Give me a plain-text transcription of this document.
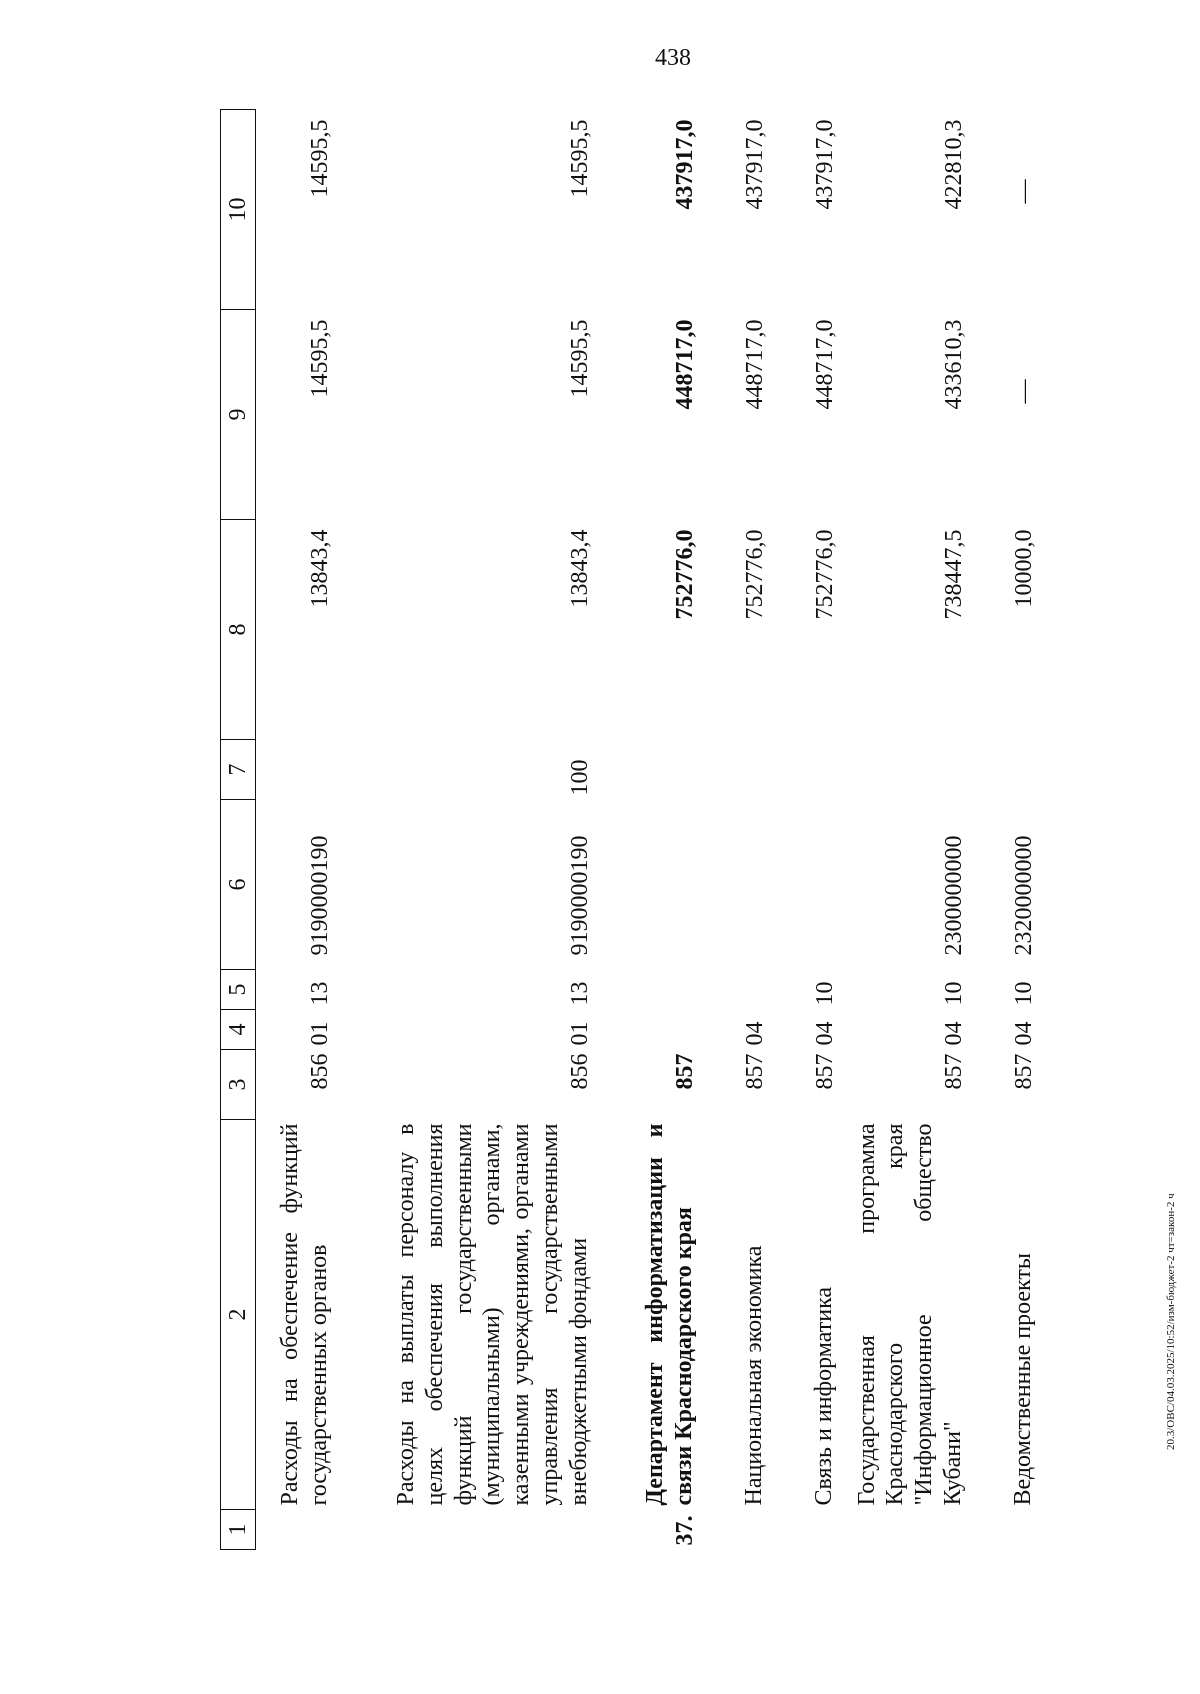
438
20.3/ОВС/04.03.2025/10:52/изм-бюджет-2 чт=закон-2 ч
1	2	3	4	5	6	7	8	9	10
	Расходы на обеспечение функций государственных органов	856	01	13	9190000190		13843,4	14595,5	14595,5
	Расходы на выплаты персоналу в целях обеспечения выполнения функций государственными (муниципальными) органами, казенными учреждениями, органами управления государственными внебюджетными фондами	856	01	13	9190000190	100	13843,4	14595,5	14595,5
37.	Департамент информатизации и связи Краснодарского края	857					752776,0	448717,0	437917,0
	Национальная экономика	857	04				752776,0	448717,0	437917,0
	Связь и информатика	857	04	10			752776,0	448717,0	437917,0
	Государственная программа Краснодарского края "Информационное общество Кубани"	857	04	10	2300000000		738447,5	433610,3	422810,3
	Ведомственные проекты	857	04	10	2320000000		10000,0	—	—
